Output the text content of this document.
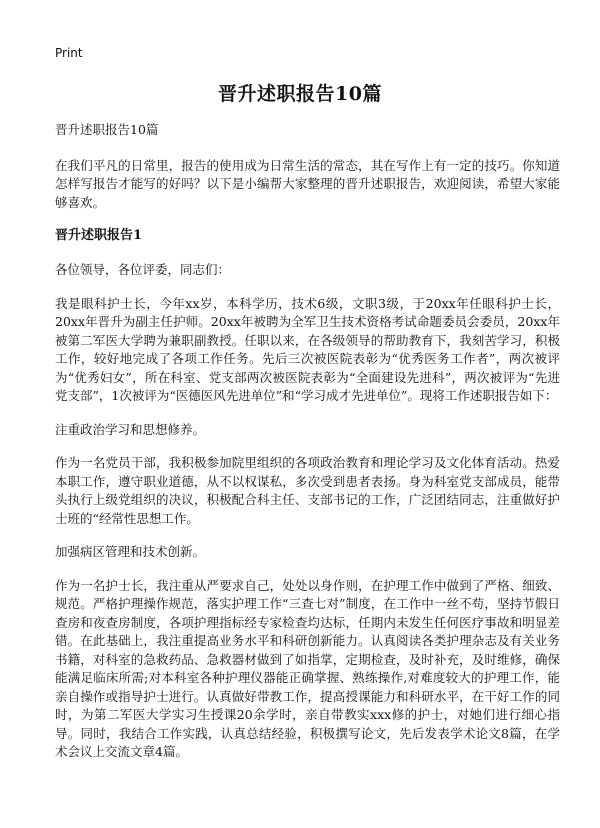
Print
晋升述职报告10篇

晋升述职报告10篇

在我们平凡的日常里，报告的使用成为日常生活的常态，其在写作上有一定的技巧。你知道怎样写报告才能写的好吗？以下是小编帮大家整理的晋升述职报告，欢迎阅读，希望大家能够喜欢。

晋升述职报告1

各位领导，各位评委，同志们：

我是眼科护士长，今年xx岁，本科学历，技术6级，文职3级，于20xx年任眼科护士长，20xx年晋升为副主任护师。20xx年被聘为全军卫生技术资格考试命题委员会委员，20xx年被第二军医大学聘为兼职副教授。任职以来，在各级领导的帮助教育下，我刻苦学习，积极工作，较好地完成了各项工作任务。先后三次被医院表彰为“优秀医务工作者”，两次被评为“优秀妇女”，所在科室、党支部两次被医院表彰为“全面建设先进科”，两次被评为“先进党支部”，1次被评为“医德医风先进单位”和“学习成才先进单位”。现将工作述职报告如下：

注重政治学习和思想修养。

作为一名党员干部，我积极参加院里组织的各项政治教育和理论学习及文化体育活动。热爱本职工作，遵守职业道德，从不以权谋私，多次受到患者表扬。身为科室党支部成员，能带头执行上级党组织的决议，积极配合科主任、支部书记的工作，广泛团结同志，注重做好护士班的“经常性思想工作。

加强病区管理和技术创新。

作为一名护士长，我注重从严要求自己，处处以身作则，在护理工作中做到了严格、细致、规范。严格护理操作规范，落实护理工作“三查七对”制度，在工作中一丝不苟，坚持节假日查房和夜查房制度，各项护理指标经专家检查均达标，任期内未发生任何医疗事故和明显差错。在此基础上，我注重提高业务水平和科研创新能力。认真阅读各类护理杂志及有关业务书籍，对科室的急救药品、急救器材做到了如指掌，定期检查，及时补充，及时维修，确保能满足临床所需;对本科室各种护理仪器能正确掌握、熟练操作,对难度较大的护理工作，能亲自操作或指导护士进行。认真做好带教工作，提高授课能力和科研水平，在干好工作的同时，为第二军医大学实习生授课20余学时，亲自带教实xxx修的护士，对她们进行细心指导。同时，我结合工作实践，认真总结经验，积极撰写论文，先后发表学术论文8篇，在学术会议上交流文章4篇。
